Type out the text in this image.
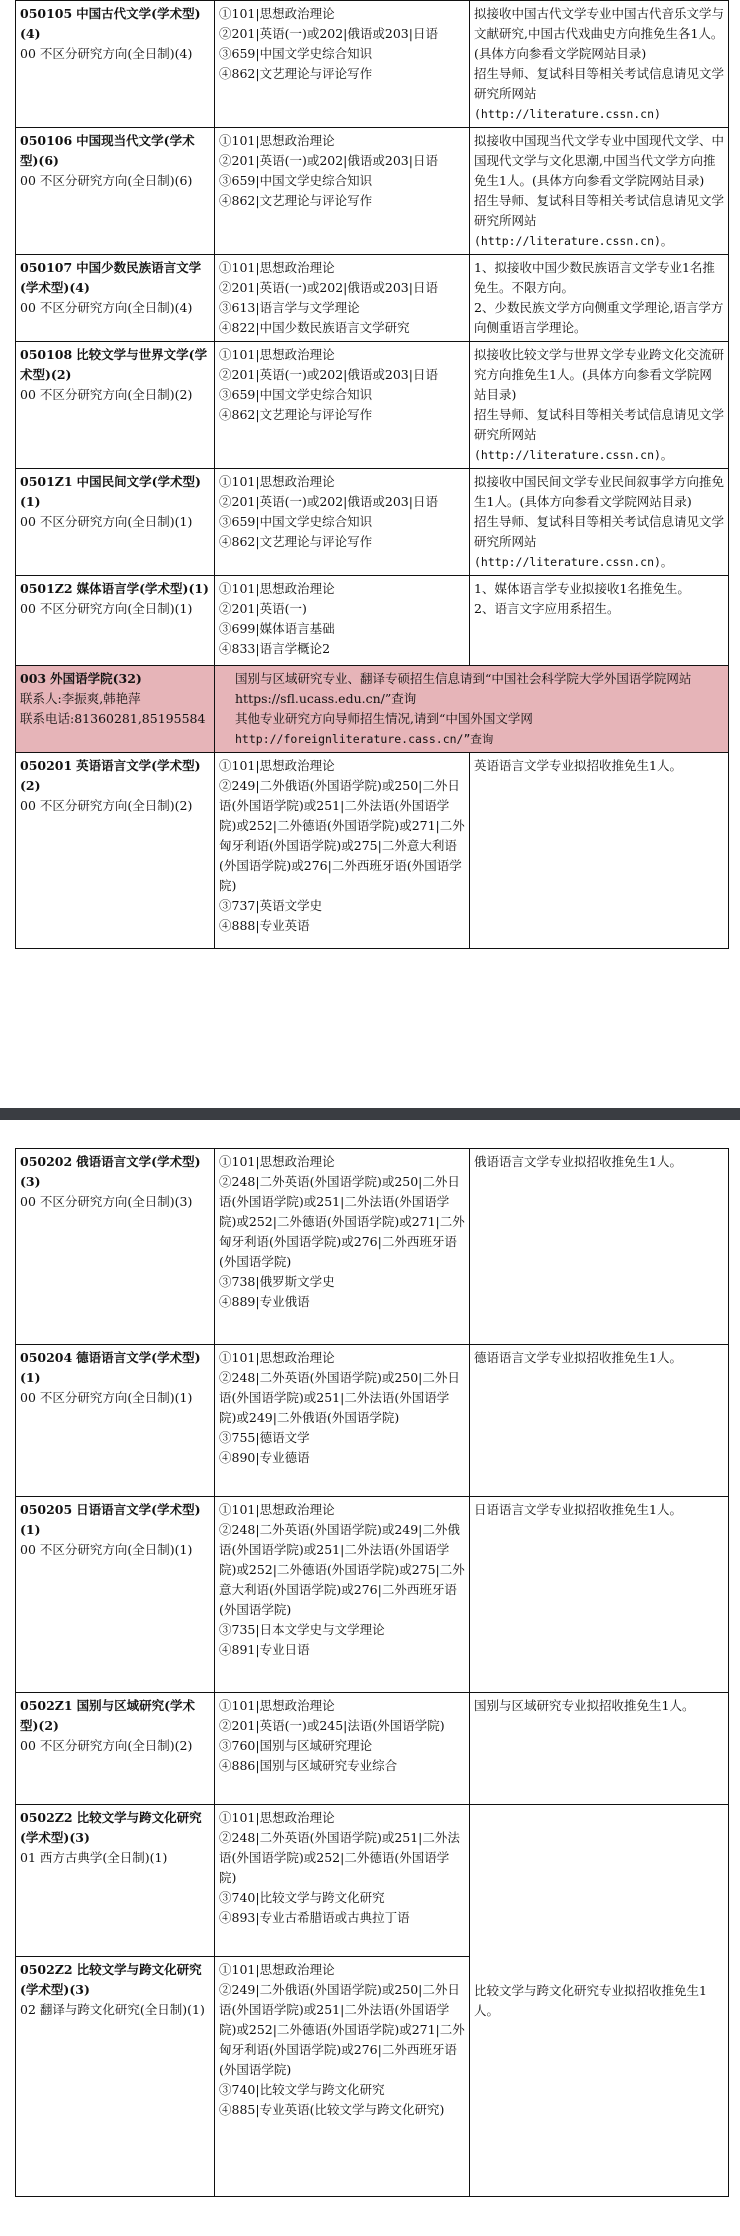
050105 中国古代文学(学术型)(4)
00 不区分研究方向(全日制)(4)	①101|思想政治理论
②201|英语(一)或202|俄语或203|日语
③659|中国文学史综合知识
④862|文艺理论与评论写作	拟接收中国古代文学专业中国古代音乐文学与文献研究,中国古代戏曲史方向推免生各1人。(具体方向参看文学院网站目录)
招生导师、复试科目等相关考试信息请见文学研究所网站
(http://literature.cssn.cn)

050106 中国现当代文学(学术型)(6)
00 不区分研究方向(全日制)(6)	①101|思想政治理论
②201|英语(一)或202|俄语或203|日语
③659|中国文学史综合知识
④862|文艺理论与评论写作	拟接收中国现当代文学专业中国现代文学、中国现代文学与文化思潮,中国当代文学方向推免生1人。(具体方向参看文学院网站目录)
招生导师、复试科目等相关考试信息请见文学研究所网站
(http://literature.cssn.cn)。

050107 中国少数民族语言文学(学术型)(4)
00 不区分研究方向(全日制)(4)	①101|思想政治理论
②201|英语(一)或202|俄语或203|日语
③613|语言学与文学理论
④822|中国少数民族语言文学研究	1、拟接收中国少数民族语言文学专业1名推免生。不限方向。
2、少数民族文学方向侧重文学理论,语言学方向侧重语言学理论。

050108 比较文学与世界文学(学术型)(2)
00 不区分研究方向(全日制)(2)	①101|思想政治理论
②201|英语(一)或202|俄语或203|日语
③659|中国文学史综合知识
④862|文艺理论与评论写作	拟接收比较文学与世界文学专业跨文化交流研究方向推免生1人。(具体方向参看文学院网站目录)
招生导师、复试科目等相关考试信息请见文学研究所网站
(http://literature.cssn.cn)。

0501Z1 中国民间文学(学术型)(1)
00 不区分研究方向(全日制)(1)	①101|思想政治理论
②201|英语(一)或202|俄语或203|日语
③659|中国文学史综合知识
④862|文艺理论与评论写作	拟接收中国民间文学专业民间叙事学方向推免生1人。(具体方向参看文学院网站目录)
招生导师、复试科目等相关考试信息请见文学研究所网站
(http://literature.cssn.cn)。

0501Z2 媒体语言学(学术型)(1)
00 不区分研究方向(全日制)(1)	①101|思想政治理论
②201|英语(一)
③699|媒体语言基础
④833|语言学概论2	1、媒体语言学专业拟接收1名推免生。
2、语言文字应用系招生。

003 外国语学院(32)
联系人:李振爽,韩艳萍
联系电话:81360281,85195584	国别与区域研究专业、翻译专硕招生信息请到“中国社会科学院大学外国语学院网站https://sfl.ucass.edu.cn/”查询
其他专业研究方向导师招生情况,请到“中国外国文学网
http://foreignliterature.cass.cn/”查询	

050201 英语语言文学(学术型)(2)
00 不区分研究方向(全日制)(2)	①101|思想政治理论
②249|二外俄语(外国语学院)或250|二外日语(外国语学院)或251|二外法语(外国语学院)或252|二外德语(外国语学院)或271|二外匈牙利语(外国语学院)或275|二外意大利语(外国语学院)或276|二外西班牙语(外国语学院)
③737|英语文学史
④888|专业英语	英语语言文学专业拟招收推免生1人。
050202 俄语语言文学(学术型)(3)
00 不区分研究方向(全日制)(3)	①101|思想政治理论
②248|二外英语(外国语学院)或250|二外日语(外国语学院)或251|二外法语(外国语学院)或252|二外德语(外国语学院)或271|二外匈牙利语(外国语学院)或276|二外西班牙语(外国语学院)
③738|俄罗斯文学史
④889|专业俄语	俄语语言文学专业拟招收推免生1人。

050204 德语语言文学(学术型)(1)
00 不区分研究方向(全日制)(1)	①101|思想政治理论
②248|二外英语(外国语学院)或250|二外日语(外国语学院)或251|二外法语(外国语学院)或249|二外俄语(外国语学院)
③755|德语文学
④890|专业德语	德语语言文学专业拟招收推免生1人。

050205 日语语言文学(学术型)(1)
00 不区分研究方向(全日制)(1)	①101|思想政治理论
②248|二外英语(外国语学院)或249|二外俄语(外国语学院)或251|二外法语(外国语学院)或252|二外德语(外国语学院)或275|二外意大利语(外国语学院)或276|二外西班牙语(外国语学院)
③735|日本文学史与文学理论
④891|专业日语	日语语言文学专业拟招收推免生1人。

0502Z1 国别与区域研究(学术型)(2)
00 不区分研究方向(全日制)(2)	①101|思想政治理论
②201|英语(一)或245|法语(外国语学院)
③760|国别与区域研究理论
④886|国别与区域研究专业综合	国别与区域研究专业拟招收推免生1人。

0502Z2 比较文学与跨文化研究(学术型)(3)
01 西方古典学(全日制)(1)	①101|思想政治理论
②248|二外英语(外国语学院)或251|二外法语(外国语学院)或252|二外德语(外国语学院)
③740|比较文学与跨文化研究
④893|专业古希腊语或古典拉丁语	比较文学与跨文化研究专业拟招收推免生1人。

0502Z2 比较文学与跨文化研究(学术型)(3)
02 翻译与跨文化研究(全日制)(1)	①101|思想政治理论
②249|二外俄语(外国语学院)或250|二外日语(外国语学院)或251|二外法语(外国语学院)或252|二外德语(外国语学院)或271|二外匈牙利语(外国语学院)或276|二外西班牙语(外国语学院)
③740|比较文学与跨文化研究
④885|专业英语(比较文学与跨文化研究)	
